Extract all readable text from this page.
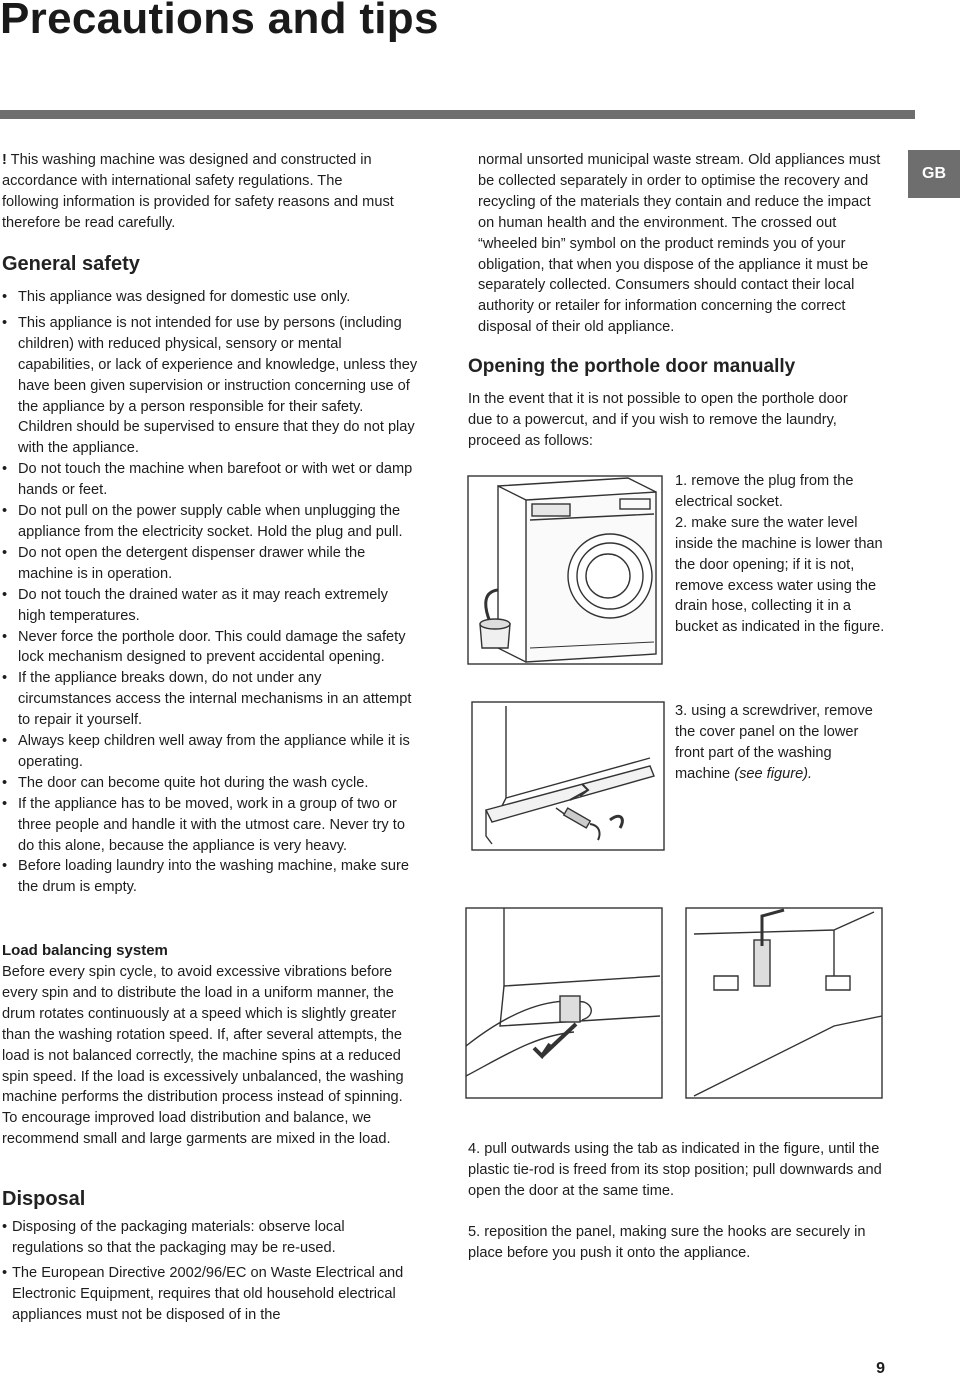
Precautions and tips
GB

! This washing machine was designed and constructed in accordance with international safety regulations. The following information is provided for safety reasons and must therefore be read carefully.

General safety
• This appliance was designed for domestic use only.
• This appliance is not intended for use by persons (including children) with reduced physical, sensory or mental capabilities, or lack of experience and knowledge, unless they have been given supervision or instruction concerning use of the appliance by a person responsible for their safety. Children should be supervised to ensure that they do not play with the appliance.
• Do not touch the machine when barefoot or with wet or damp hands or feet.
• Do not pull on the power supply cable when unplugging the appliance from the electricity socket. Hold the plug and pull.
• Do not open the detergent dispenser drawer while the machine is in operation.
• Do not touch the drained water as it may reach extremely high temperatures.
• Never force the porthole door. This could damage the safety lock mechanism designed to prevent accidental opening.
• If the appliance breaks down, do not under any circumstances access the internal mechanisms in an attempt to repair it yourself.
• Always keep children well away from the appliance while it is operating.
• The door can become quite hot during the wash cycle.
• If the appliance has to be moved, work in a group of two or three people and handle it with the utmost care. Never try to do this alone, because the appliance is very heavy.
• Before loading laundry into the washing machine, make sure the drum is empty.
Load balancing system

Before every spin cycle, to avoid excessive vibrations before every spin and to distribute the load in a uniform manner, the drum rotates continuously at a speed which is slightly greater than the washing rotation speed. If, after several attempts, the load is not balanced correctly, the machine spins at a reduced spin speed. If the load is excessively unbalanced, the washing machine performs the distribution process instead of spinning. To encourage improved load distribution and balance, we recommend small and large garments are mixed in the load.

Disposal
• Disposing of the packaging materials: observe local regulations so that the packaging may be re-used.
• The European Directive 2002/96/EC on Waste Electrical and Electronic Equipment, requires that old household electrical appliances must not be disposed of in the

normal unsorted municipal waste stream. Old appliances must be collected separately in order to optimise the recovery and recycling of the materials they contain and reduce the impact on human health and the environment. The crossed out “wheeled bin” symbol on the product reminds you of your obligation, that when you dispose of the appliance it must be separately collected. Consumers should contact their local authority or retailer for information concerning the correct disposal of their old appliance.

Opening the porthole door manually

In the event that it is not possible to open the porthole door due to a powercut, and if you wish to remove the laundry, proceed as follows:

1. remove the plug from the electrical socket.
2. make sure the water level inside the machine is lower than the door opening; if it is not, remove excess water using the drain hose, collecting it in a bucket as indicated in the figure.

3. using a screwdriver, remove the cover panel on the lower front part of the washing machine (see figure).

4. pull outwards using the tab as indicated in the figure, until the plastic tie-rod is freed from its stop position; pull downwards and open the door at the same time.

5. reposition the panel, making sure the hooks are securely in place before you push it onto the appliance.

9
